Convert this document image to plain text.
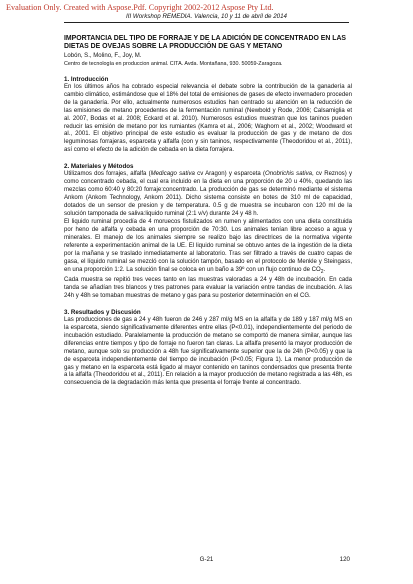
Evaluation Only. Created with Aspose.Pdf. Copyright 2002-2012 Aspose Pty Ltd.
III Workshop REMEDIA. Valencia, 10 y 11 de abril de 2014

IMPORTANCIA DEL TIPO DE FORRAJE Y DE LA ADICIÓN DE CONCENTRADO EN LAS DIETAS DE OVEJAS SOBRE LA PRODUCCIÓN DE GAS Y METANO

Lobón, S., Molino, F., Joy, M.

Centro de tecnología en produccion animal. CITA. Avda. Montañana, 930. 50059-Zaragoza.

1. Introducción

En los últimos años ha cobrado especial relevancia el debate sobre la contribución de la ganadería al cambio climático, estimándose que el 18% del total de emisiones de gases de efecto invernadero proceden de la ganadería. Por ello, actualmente numerosos estudios han centrado su atención en la reducción de las emisiones de metano procedentes de la fermentación ruminal (Newbold y Rode, 2006; Calsamiglia et al. 2007, Bodas et al. 2008; Eckard et al. 2010). Numerosos estudios muestran que los taninos pueden reducir las emisión de metano por los rumiantes (Kamra et al., 2006; Waghorn et al., 2002; Woodward et al., 2001. El objetivo principal de este estudio es evaluar la producción de gas y de metano de dos leguminosas forrajeras, esparceta y alfalfa (con y sin taninos, respectivamente (Theodoridou et al., 2011), así como el efecto de la adición de cebada en la dieta forrajera.

2. Materiales y Métodos

Utilizamos dos forrajes, alfalfa (Medicago sativa cv Aragon) y esparceta (Onobrichis sativa, cv Reznos) y como concentrado cebada, el cual era incluido en la dieta en una proporción de 20 u 40%, quedando las mezclas como 60:40 y 80:20 forraje:concentrado. La producción de gas se determinó mediante el sistema Ankom (Ankom Technology, Ankom 2011). Dicho sistema consiste en botes de 310 ml de capacidad, dotados de un sensor de presion y de temperatura. 0.5 g de muestra se incubaron con 120 ml de la solución tamponada de saliva:liquido ruminal (2:1 v/v) durante 24 y 48 h.

El liquido ruminal procedía de 4 moruecos fistulizados en rumen y alimentados con una dieta constituida por heno de alfalfa y cebada en una proporción de 70:30. Los animales tenían libre acceso a agua y minerales. El manejo de los animales siempre se realizo bajo las directrices de la normativa vigente referente a experimentación animal de la UE. El liquido ruminal se obtuvo antes de la ingestión de la dieta por la mañana y se traslado inmediatamente al laboratorio. Tras ser filtrado a través de cuatro capas de gasa, el líquido ruminal se mezcló con la solución tampón, basado en el protocolo de Menkle y Steingass, en una proporción 1:2. La solución final se coloca en un baño a 39º con un flujo continuo de $CO_2$.

Cada muestra se repitió tres veces tanto en las muestras valoradas a 24 y 48h de incubación. En cada tanda se añadían tres blancos y tres patrones para evaluar la variación entre tandas de incubación. A las 24h y 48h se tomaban muestras de metano y gas para su posterior determinación en el CG.

3. Resultados y Discusión

Las producciones de gas a 24 y 48h fueron de 246 y 287 ml/g MS en la alfalfa y de 189 y 187 ml/g MS en la esparceta, siendo significativamente diferentes entre ellas (P<0.01), independientemente del periodo de incubación estudiado. Paralelamente la producción de metano se comportó de manera similar, aunque las diferencias entre tiempos y tipo de forraje no fueron tan claras. La alfalfa presentó la mayor producción de metano, aunque solo su producción a 48h fue significativamente superior que la de 24h (P<0.05) y que la de esparceta independientemente del tiempo de incubación (P<0.05; Figura 1). La menor producción de gas y metano en la esparceta está ligado al mayor contenido en taninos condensados que presenta frente a la alfalfa (Theodoridou et al., 2011). En relación a la mayor producción de metano registrada a las 48h, es consecuencia de la degradación más lenta que presenta el forraje frente al concentrado.

G-21	120
